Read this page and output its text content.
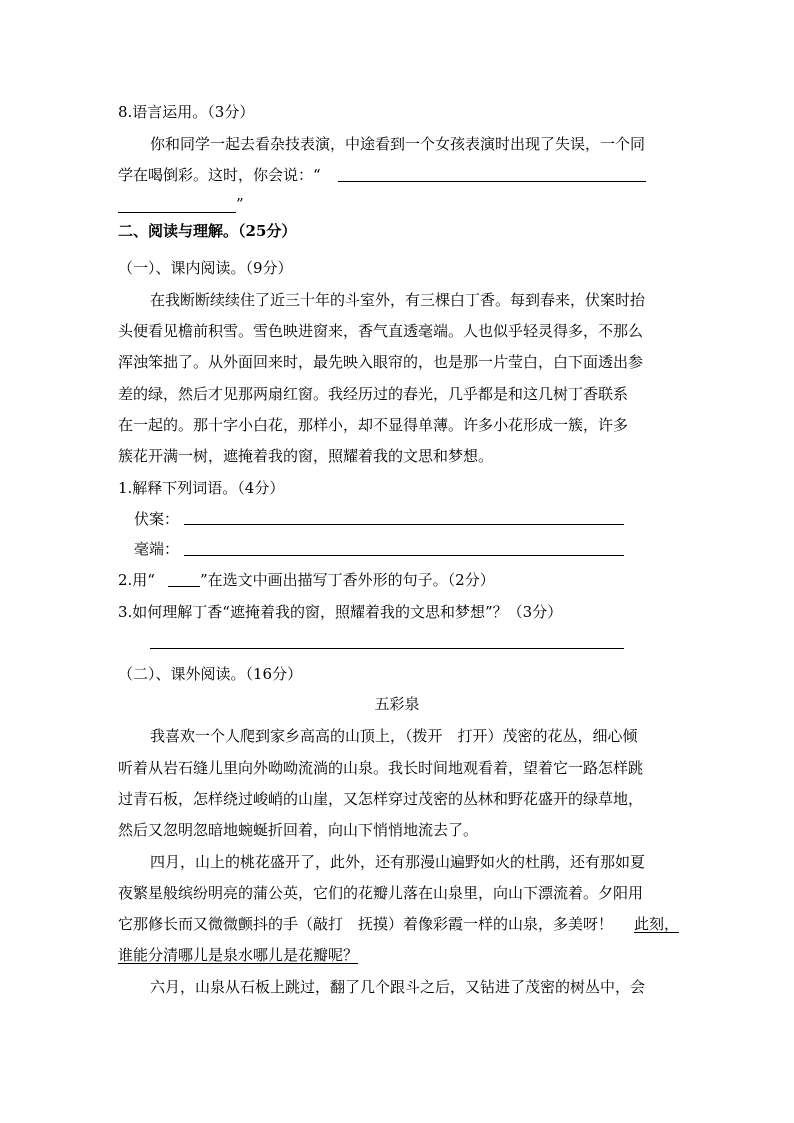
8.语言运用。（3分）
你和同学一起去看杂技表演，中途看到一个女孩表演时出现了失误，一个同
学在喝倒彩。这时，你会说：“
”
二、阅读与理解。（25分）
（一）、课内阅读。（9分）
在我断断续续住了近三十年的斗室外，有三棵白丁香。每到春来，伏案时抬
头便看见檐前积雪。雪色映进窗来，香气直透毫端。人也似乎轻灵得多，不那么
浑浊笨拙了。从外面回来时，最先映入眼帘的，也是那一片莹白，白下面透出参
差的绿，然后才见那两扇红窗。我经历过的春光，几乎都是和这几树丁香联系
在一起的。那十字小白花，那样小，却不显得单薄。许多小花形成一簇，许多
簇花开满一树，遮掩着我的窗，照耀着我的文思和梦想。
1.解释下列词语。（4分）
伏案：
毫端：
2.用“	”在选文中画出描写丁香外形的句子。（2分）
3.如何理解丁香“遮掩着我的窗，照耀着我的文思和梦想”？（3分）
（二）、课外阅读。（16分）
五彩泉
我喜欢一个人爬到家乡高高的山顶上，（拨开　打开）茂密的花丛，细心倾
听着从岩石缝儿里向外呦呦流淌的山泉。我长时间地观看着，望着它一路怎样跳
过青石板，怎样绕过峻峭的山崖，又怎样穿过茂密的丛林和野花盛开的绿草地，
然后又忽明忽暗地蜿蜒折回着，向山下悄悄地流去了。
四月，山上的桃花盛开了，此外，还有那漫山遍野如火的杜鹃，还有那如夏
夜繁星般缤纷明亮的蒲公英，它们的花瓣儿落在山泉里，向山下漂流着。夕阳用
它那修长而又微微颤抖的手（敲打　抚摸）着像彩霞一样的山泉，多美呀！ 此刻，
谁能分清哪儿是泉水哪儿是花瓣呢？
六月，山泉从石板上跳过，翻了几个跟斗之后，又钻进了茂密的树丛中，会
